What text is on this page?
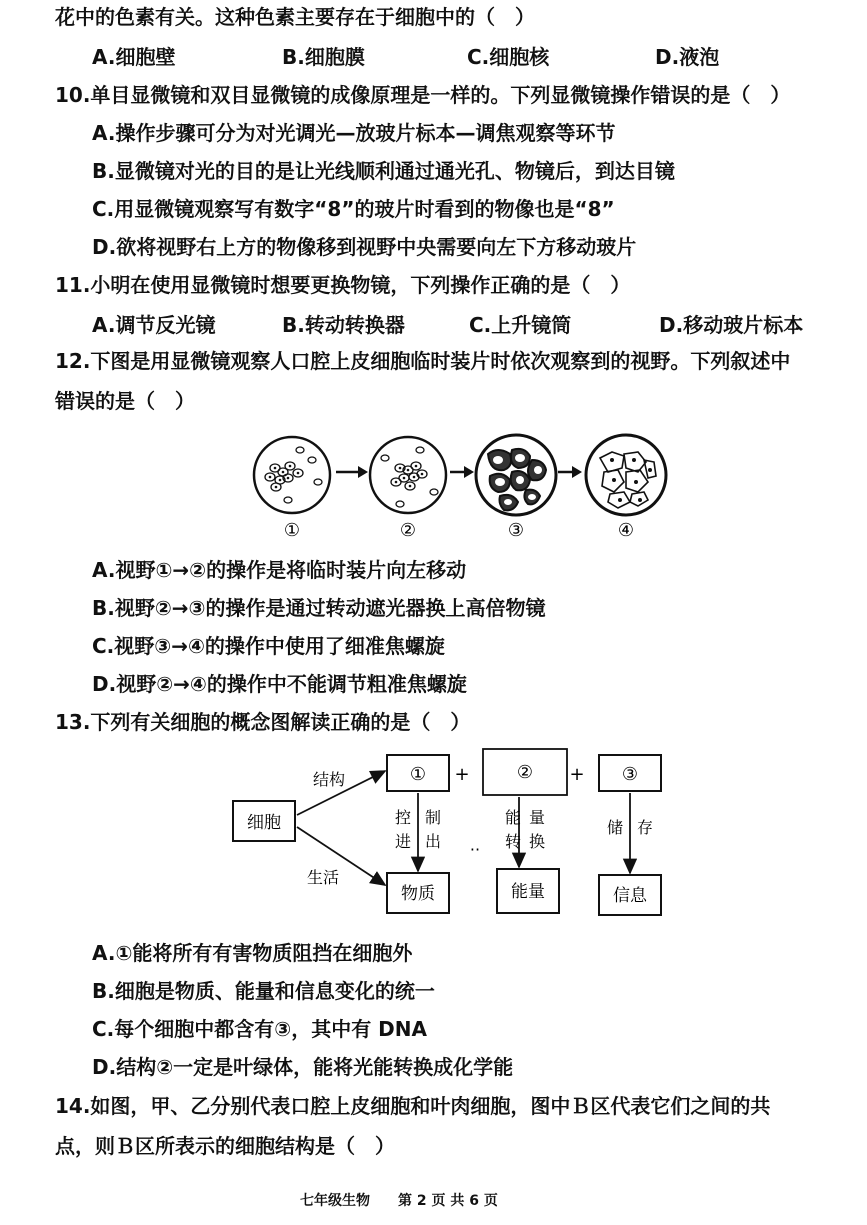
花中的色素有关。这种色素主要存在于细胞中的（　）
A.细胞壁	B.细胞膜	C.细胞核	D.液泡
10.单目显微镜和双目显微镜的成像原理是一样的。下列显微镜操作错误的是（　）
A.操作步骤可分为对光调光—放玻片标本—调焦观察等环节
B.显微镜对光的目的是让光线顺利通过通光孔、物镜后，到达目镜
C.用显微镜观察写有数字“8”的玻片时看到的物像也是“8”
D.欲将视野右上方的物像移到视野中央需要向左下方移动玻片
11.小明在使用显微镜时想要更换物镜，下列操作正确的是（　）
A.调节反光镜	B.转动转换器	C.上升镜筒	D.移动玻片标本
12.下图是用显微镜观察人口腔上皮细胞临时装片时依次观察到的视野。下列叙述中
错误的是（　）
①	②	③	④
A.视野①→②的操作是将临时装片向左移动
B.视野②→③的操作是通过转动遮光器换上高倍物镜
C.视野③→④的操作中使用了细准焦螺旋
D.视野②→④的操作中不能调节粗准焦螺旋
13.下列有关细胞的概念图解读正确的是（　）
细胞
结构
生活
① +	② + ③
控 制
进 出
能 量
转 换
储 存
··
物质	能量	信息
A.①能将所有有害物质阻挡在细胞外
B.细胞是物质、能量和信息变化的统一
C.每个细胞中都含有③，其中有 DNA
D.结构②一定是叶绿体，能将光能转换成化学能
14.如图，甲、乙分别代表口腔上皮细胞和叶肉细胞，图中Ｂ区代表它们之间的共
点，则Ｂ区所表示的细胞结构是（　）
七年级生物 第 2 页 共 6 页
